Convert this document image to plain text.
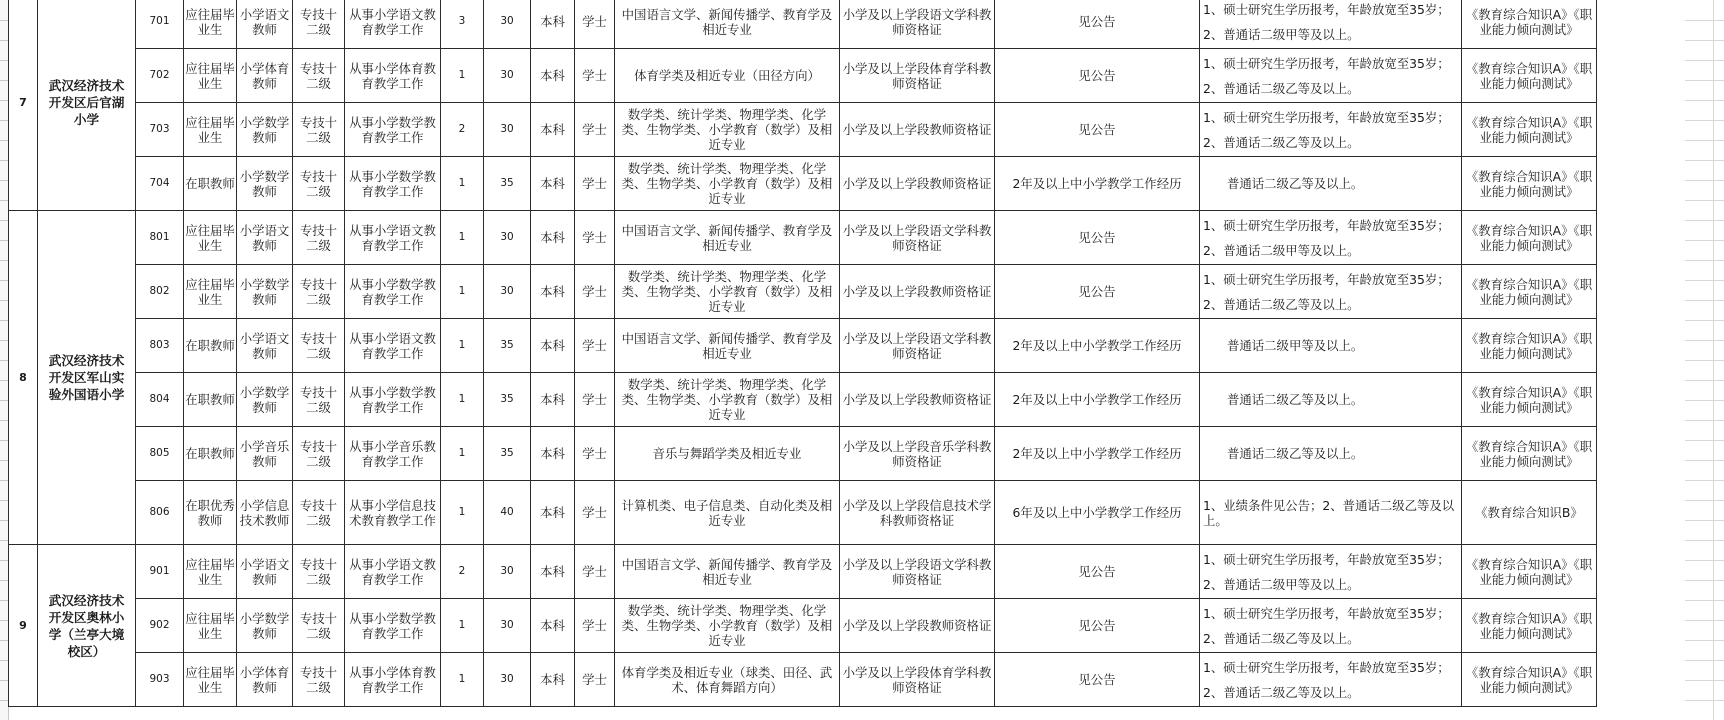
7	武汉经济技术开发区后官湖小学	701	应往届毕业生	小学语文教师	专技十二级	从事小学语文教育教学工作	3	30	本科	学士	中国语言文学、新闻传播学、教育学及相近专业	小学及以上学段语文学科教师资格证	见公告	1、硕士研究生学历报考，年龄放宽至35岁；
2、普通话二级甲等及以上。	《教育综合知识A》《职业能力倾向测试》
		702	应往届毕业生	小学体育教师	专技十二级	从事小学体育教育教学工作	1	30	本科	学士	体育学类及相近专业（田径方向）	小学及以上学段体育学科教师资格证	见公告	1、硕士研究生学历报考，年龄放宽至35岁；
2、普通话二级乙等及以上。	《教育综合知识A》《职业能力倾向测试》
		703	应往届毕业生	小学数学教师	专技十二级	从事小学数学教育教学工作	2	30	本科	学士	数学类、统计学类、物理学类、化学类、生物学类、小学教育（数学）及相近专业	小学及以上学段教师资格证	见公告	1、硕士研究生学历报考，年龄放宽至35岁；
2、普通话二级乙等及以上。	《教育综合知识A》《职业能力倾向测试》
		704	在职教师	小学数学教师	专技十二级	从事小学数学教育教学工作	1	35	本科	学士	数学类、统计学类、物理学类、化学类、生物学类、小学教育（数学）及相近专业	小学及以上学段教师资格证	2年及以上中小学教学工作经历	普通话二级乙等及以上。	《教育综合知识A》《职业能力倾向测试》
8	武汉经济技术开发区军山实验外国语小学	801	应往届毕业生	小学语文教师	专技十二级	从事小学语文教育教学工作	1	30	本科	学士	中国语言文学、新闻传播学、教育学及相近专业	小学及以上学段语文学科教师资格证	见公告	1、硕士研究生学历报考，年龄放宽至35岁；
2、普通话二级甲等及以上。	《教育综合知识A》《职业能力倾向测试》
		802	应往届毕业生	小学数学教师	专技十二级	从事小学数学教育教学工作	1	30	本科	学士	数学类、统计学类、物理学类、化学类、生物学类、小学教育（数学）及相近专业	小学及以上学段教师资格证	见公告	1、硕士研究生学历报考，年龄放宽至35岁；
2、普通话二级乙等及以上。	《教育综合知识A》《职业能力倾向测试》
		803	在职教师	小学语文教师	专技十二级	从事小学语文教育教学工作	1	35	本科	学士	中国语言文学、新闻传播学、教育学及相近专业	小学及以上学段语文学科教师资格证	2年及以上中小学教学工作经历	普通话二级甲等及以上。	《教育综合知识A》《职业能力倾向测试》
		804	在职教师	小学数学教师	专技十二级	从事小学数学教育教学工作	1	35	本科	学士	数学类、统计学类、物理学类、化学类、生物学类、小学教育（数学）及相近专业	小学及以上学段教师资格证	2年及以上中小学教学工作经历	普通话二级乙等及以上。	《教育综合知识A》《职业能力倾向测试》
		805	在职教师	小学音乐教师	专技十二级	从事小学音乐教育教学工作	1	35	本科	学士	音乐与舞蹈学类及相近专业	小学及以上学段音乐学科教师资格证	2年及以上中小学教学工作经历	普通话二级乙等及以上。	《教育综合知识A》《职业能力倾向测试》
		806	在职优秀教师	小学信息技术教师	专技十二级	从事小学信息技术教育教学工作	1	40	本科	学士	计算机类、电子信息类、自动化类及相近专业	小学及以上学段信息技术学科教师资格证	6年及以上中小学教学工作经历	1、业绩条件见公告；2、普通话二级乙等及以上。	《教育综合知识B》
9	武汉经济技术开发区奥林小学（兰亭大境校区）	901	应往届毕业生	小学语文教师	专技十二级	从事小学语文教育教学工作	2	30	本科	学士	中国语言文学、新闻传播学、教育学及相近专业	小学及以上学段语文学科教师资格证	见公告	1、硕士研究生学历报考，年龄放宽至35岁；
2、普通话二级甲等及以上。	《教育综合知识A》《职业能力倾向测试》
		902	应往届毕业生	小学数学教师	专技十二级	从事小学数学教育教学工作	1	30	本科	学士	数学类、统计学类、物理学类、化学类、生物学类、小学教育（数学）及相近专业	小学及以上学段教师资格证	见公告	1、硕士研究生学历报考，年龄放宽至35岁；
2、普通话二级乙等及以上。	《教育综合知识A》《职业能力倾向测试》
		903	应往届毕业生	小学体育教师	专技十二级	从事小学体育教育教学工作	1	30	本科	学士	体育学类及相近专业（球类、田径、武术、体育舞蹈方向）	小学及以上学段体育学科教师资格证	见公告	1、硕士研究生学历报考，年龄放宽至35岁；
2、普通话二级乙等及以上。	《教育综合知识A》《职业能力倾向测试》
